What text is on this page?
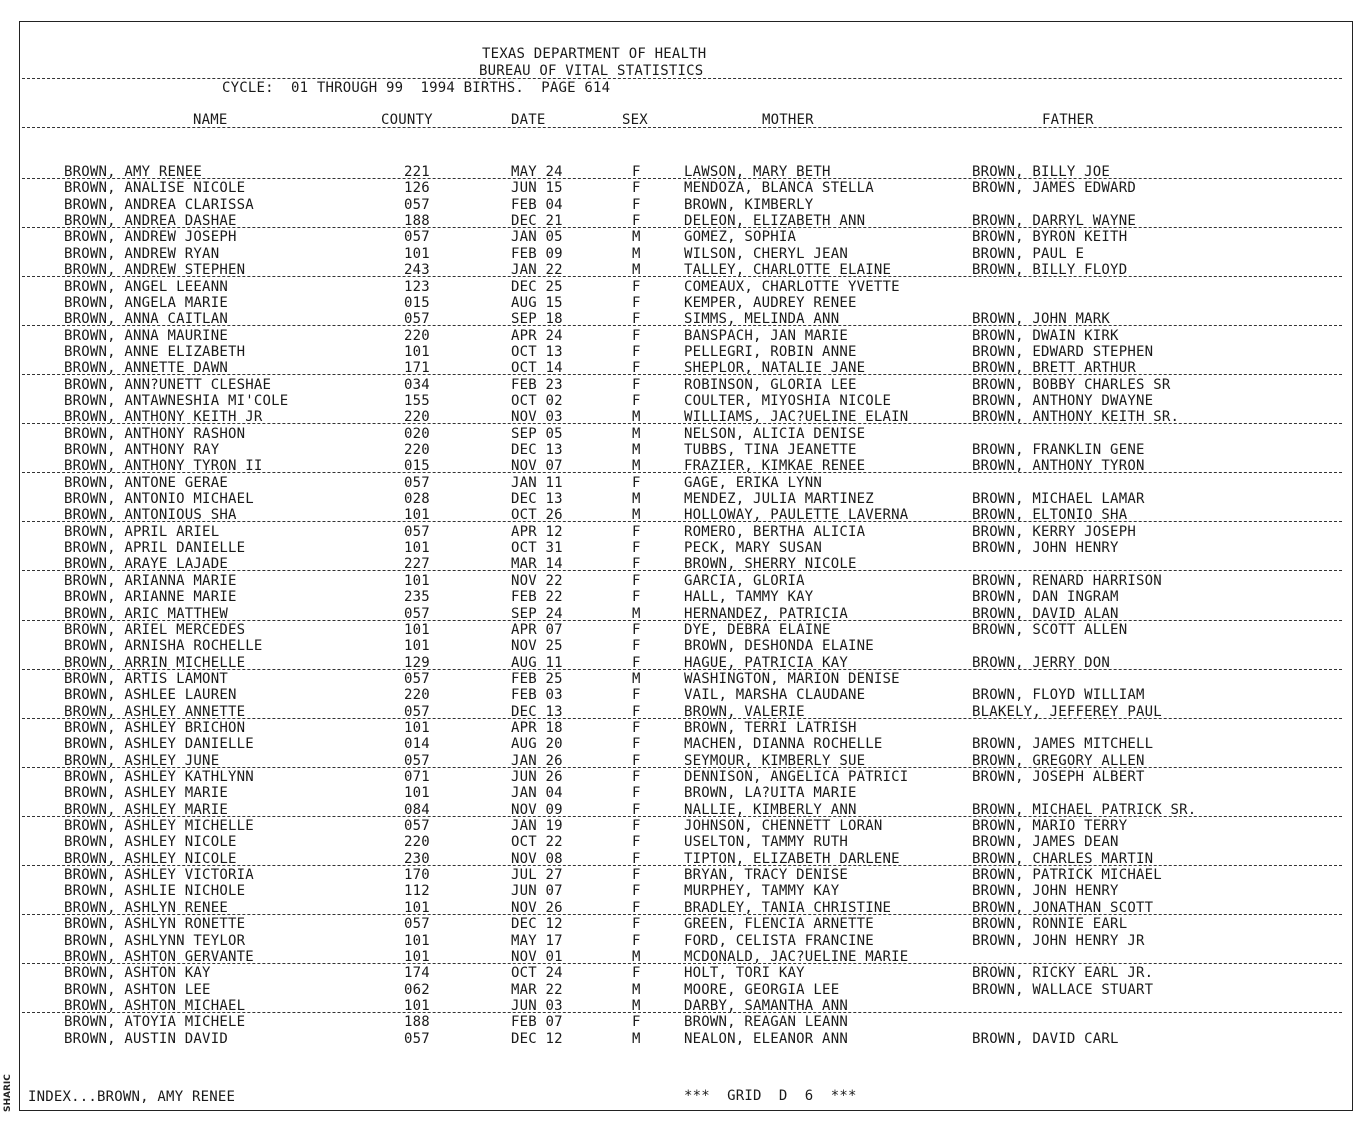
SHARIC
TEXAS DEPARTMENT OF HEALTH
BUREAU OF VITAL STATISTICS
CYCLE:  01 THROUGH 99  1994 BIRTHS.  PAGE 614
NAME	COUNTY	DATE	SEX	MOTHER	FATHER
BROWN, AMY RENEE	221	MAY 24	F	LAWSON, MARY BETH	BROWN, BILLY JOE
BROWN, ANALISE NICOLE	126	JUN 15	F	MENDOZA, BLANCA STELLA	BROWN, JAMES EDWARD
BROWN, ANDREA CLARISSA	057	FEB 04	F	BROWN, KIMBERLY
BROWN, ANDREA DASHAE	188	DEC 21	F	DELEON, ELIZABETH ANN	BROWN, DARRYL WAYNE
BROWN, ANDREW JOSEPH	057	JAN 05	M	GOMEZ, SOPHIA	BROWN, BYRON KEITH
BROWN, ANDREW RYAN	101	FEB 09	M	WILSON, CHERYL JEAN	BROWN, PAUL E
BROWN, ANDREW STEPHEN	243	JAN 22	M	TALLEY, CHARLOTTE ELAINE	BROWN, BILLY FLOYD
BROWN, ANGEL LEEANN	123	DEC 25	F	COMEAUX, CHARLOTTE YVETTE
BROWN, ANGELA MARIE	015	AUG 15	F	KEMPER, AUDREY RENEE
BROWN, ANNA CAITLAN	057	SEP 18	F	SIMMS, MELINDA ANN	BROWN, JOHN MARK
BROWN, ANNA MAURINE	220	APR 24	F	BANSPACH, JAN MARIE	BROWN, DWAIN KIRK
BROWN, ANNE ELIZABETH	101	OCT 13	F	PELLEGRI, ROBIN ANNE	BROWN, EDWARD STEPHEN
BROWN, ANNETTE DAWN	171	OCT 14	F	SHEPLOR, NATALIE JANE	BROWN, BRETT ARTHUR
BROWN, ANN?UNETT CLESHAE	034	FEB 23	F	ROBINSON, GLORIA LEE	BROWN, BOBBY CHARLES SR
BROWN, ANTAWNESHIA MI'COLE	155	OCT 02	F	COULTER, MIYOSHIA NICOLE	BROWN, ANTHONY DWAYNE
BROWN, ANTHONY KEITH JR	220	NOV 03	M	WILLIAMS, JAC?UELINE ELAIN	BROWN, ANTHONY KEITH SR.
BROWN, ANTHONY RASHON	020	SEP 05	M	NELSON, ALICIA DENISE
BROWN, ANTHONY RAY	220	DEC 13	M	TUBBS, TINA JEANETTE	BROWN, FRANKLIN GENE
BROWN, ANTHONY TYRON II	015	NOV 07	M	FRAZIER, KIMKAE RENEE	BROWN, ANTHONY TYRON
BROWN, ANTONE GERAE	057	JAN 11	F	GAGE, ERIKA LYNN
BROWN, ANTONIO MICHAEL	028	DEC 13	M	MENDEZ, JULIA MARTINEZ	BROWN, MICHAEL LAMAR
BROWN, ANTONIOUS SHA	101	OCT 26	M	HOLLOWAY, PAULETTE LAVERNA	BROWN, ELTONIO SHA
BROWN, APRIL ARIEL	057	APR 12	F	ROMERO, BERTHA ALICIA	BROWN, KERRY JOSEPH
BROWN, APRIL DANIELLE	101	OCT 31	F	PECK, MARY SUSAN	BROWN, JOHN HENRY
BROWN, ARAYE LAJADE	227	MAR 14	F	BROWN, SHERRY NICOLE
BROWN, ARIANNA MARIE	101	NOV 22	F	GARCIA, GLORIA	BROWN, RENARD HARRISON
BROWN, ARIANNE MARIE	235	FEB 22	F	HALL, TAMMY KAY	BROWN, DAN INGRAM
BROWN, ARIC MATTHEW	057	SEP 24	M	HERNANDEZ, PATRICIA	BROWN, DAVID ALAN
BROWN, ARIEL MERCEDES	101	APR 07	F	DYE, DEBRA ELAINE	BROWN, SCOTT ALLEN
BROWN, ARNISHA ROCHELLE	101	NOV 25	F	BROWN, DESHONDA ELAINE
BROWN, ARRIN MICHELLE	129	AUG 11	F	HAGUE, PATRICIA KAY	BROWN, JERRY DON
BROWN, ARTIS LAMONT	057	FEB 25	M	WASHINGTON, MARION DENISE
BROWN, ASHLEE LAUREN	220	FEB 03	F	VAIL, MARSHA CLAUDANE	BROWN, FLOYD WILLIAM
BROWN, ASHLEY ANNETTE	057	DEC 13	F	BROWN, VALERIE	BLAKELY, JEFFEREY PAUL
BROWN, ASHLEY BRICHON	101	APR 18	F	BROWN, TERRI LATRISH
BROWN, ASHLEY DANIELLE	014	AUG 20	F	MACHEN, DIANNA ROCHELLE	BROWN, JAMES MITCHELL
BROWN, ASHLEY JUNE	057	JAN 26	F	SEYMOUR, KIMBERLY SUE	BROWN, GREGORY ALLEN
BROWN, ASHLEY KATHLYNN	071	JUN 26	F	DENNISON, ANGELICA PATRICI	BROWN, JOSEPH ALBERT
BROWN, ASHLEY MARIE	101	JAN 04	F	BROWN, LA?UITA MARIE
BROWN, ASHLEY MARIE	084	NOV 09	F	NALLIE, KIMBERLY ANN	BROWN, MICHAEL PATRICK SR.
BROWN, ASHLEY MICHELLE	057	JAN 19	F	JOHNSON, CHENNETT LORAN	BROWN, MARIO TERRY
BROWN, ASHLEY NICOLE	220	OCT 22	F	USELTON, TAMMY RUTH	BROWN, JAMES DEAN
BROWN, ASHLEY NICOLE	230	NOV 08	F	TIPTON, ELIZABETH DARLENE	BROWN, CHARLES MARTIN
BROWN, ASHLEY VICTORIA	170	JUL 27	F	BRYAN, TRACY DENISE	BROWN, PATRICK MICHAEL
BROWN, ASHLIE NICHOLE	112	JUN 07	F	MURPHEY, TAMMY KAY	BROWN, JOHN HENRY
BROWN, ASHLYN RENEE	101	NOV 26	F	BRADLEY, TANIA CHRISTINE	BROWN, JONATHAN SCOTT
BROWN, ASHLYN RONETTE	057	DEC 12	F	GREEN, FLENCIA ARNETTE	BROWN, RONNIE EARL
BROWN, ASHLYNN TEYLOR	101	MAY 17	F	FORD, CELISTA FRANCINE	BROWN, JOHN HENRY JR
BROWN, ASHTON GERVANTE	101	NOV 01	M	MCDONALD, JAC?UELINE MARIE
BROWN, ASHTON KAY	174	OCT 24	F	HOLT, TORI KAY	BROWN, RICKY EARL JR.
BROWN, ASHTON LEE	062	MAR 22	M	MOORE, GEORGIA LEE	BROWN, WALLACE STUART
BROWN, ASHTON MICHAEL	101	JUN 03	M	DARBY, SAMANTHA ANN
BROWN, ATOYIA MICHELE	188	FEB 07	F	BROWN, REAGAN LEANN
BROWN, AUSTIN DAVID	057	DEC 12	M	NEALON, ELEANOR ANN	BROWN, DAVID CARL
INDEX...BROWN, AMY RENEE	***  GRID  D  6  ***
